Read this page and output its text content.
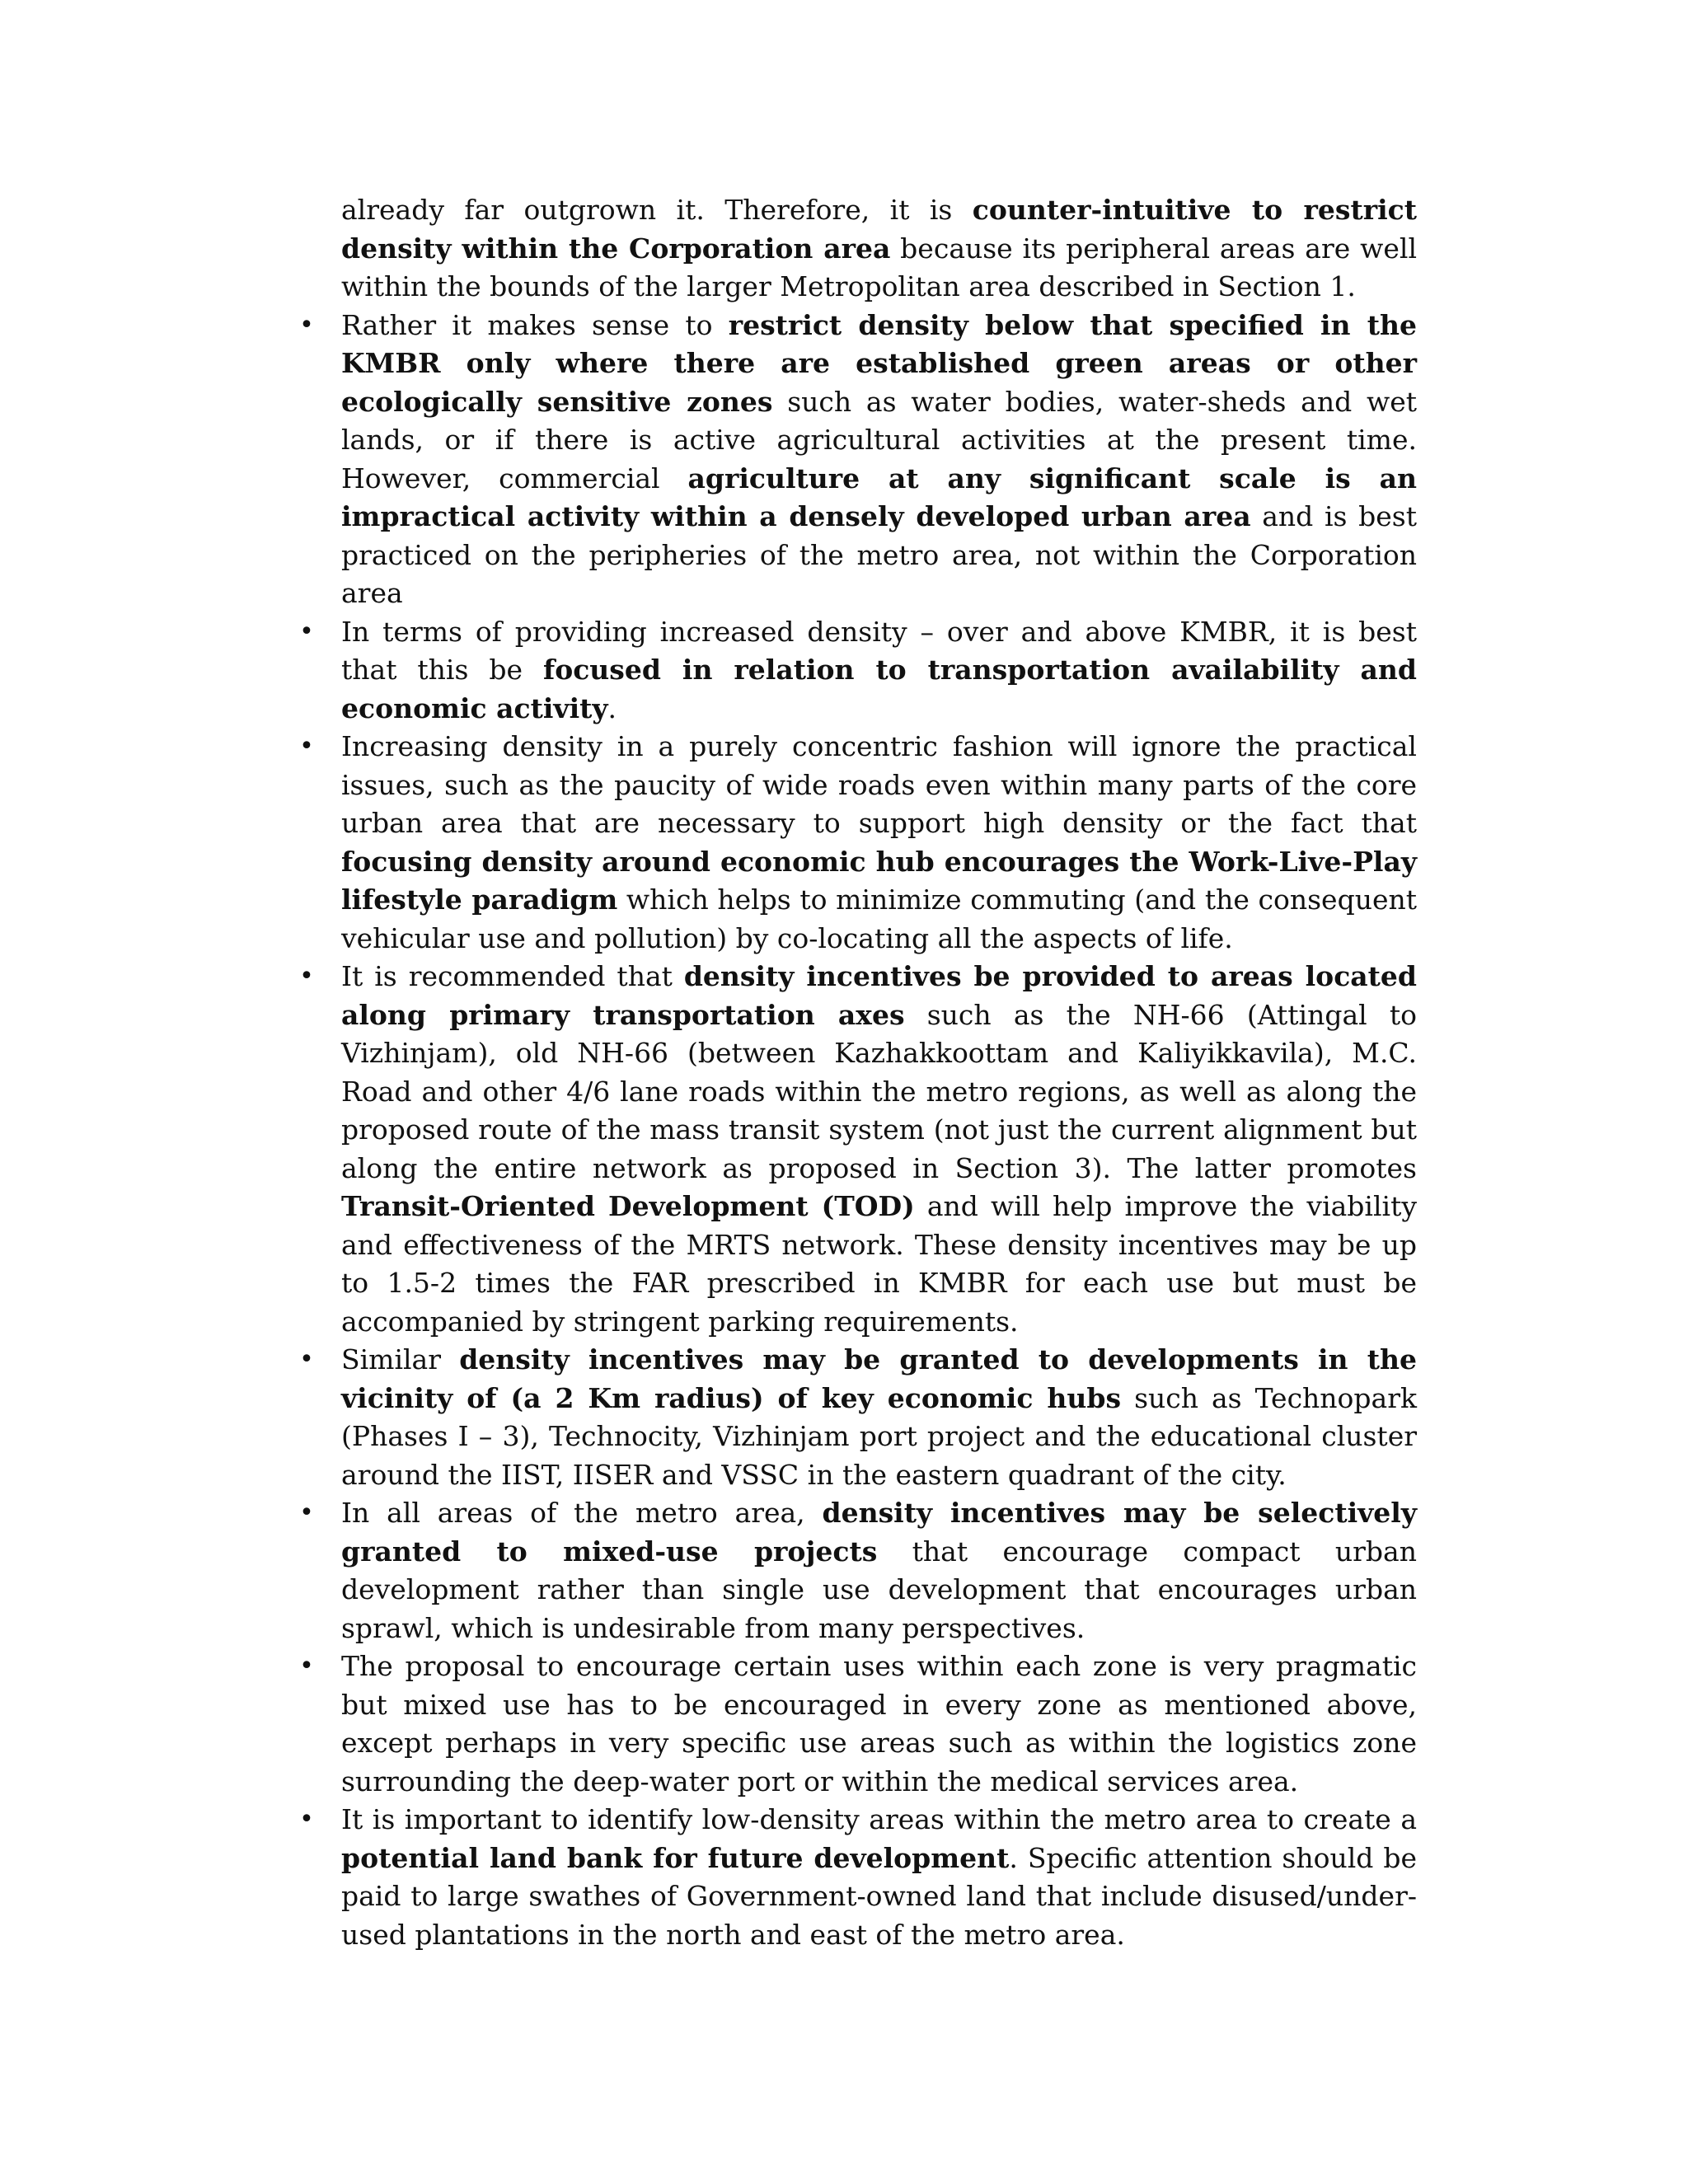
already far outgrown it. Therefore, it is counter-intuitive to restrict density within the Corporation area because its peripheral areas are well within the bounds of the larger Metropolitan area described in Section 1.

• Rather it makes sense to restrict density below that specified in the KMBR only where there are established green areas or other ecologically sensitive zones such as water bodies, water-sheds and wet lands, or if there is active agricultural activities at the present time. However, commercial agriculture at any significant scale is an impractical activity within a densely developed urban area and is best practiced on the peripheries of the metro area, not within the Corporation area
• In terms of providing increased density – over and above KMBR, it is best that this be focused in relation to transportation availability and economic activity.
• Increasing density in a purely concentric fashion will ignore the practical issues, such as the paucity of wide roads even within many parts of the core urban area that are necessary to support high density or the fact that focusing density around economic hub encourages the Work-Live-Play lifestyle paradigm which helps to minimize commuting (and the consequent vehicular use and pollution) by co-locating all the aspects of life.
• It is recommended that density incentives be provided to areas located along primary transportation axes such as the NH-66 (Attingal to Vizhinjam), old NH-66 (between Kazhakkoottam and Kaliyikkavila), M.C. Road and other 4/6 lane roads within the metro regions, as well as along the proposed route of the mass transit system (not just the current alignment but along the entire network as proposed in Section 3). The latter promotes Transit-Oriented Development (TOD) and will help improve the viability and effectiveness of the MRTS network. These density incentives may be up to 1.5-2 times the FAR prescribed in KMBR for each use but must be accompanied by stringent parking requirements.
• Similar density incentives may be granted to developments in the vicinity of (a 2 Km radius) of key economic hubs such as Technopark (Phases I – 3), Technocity, Vizhinjam port project and the educational cluster around the IIST, IISER and VSSC in the eastern quadrant of the city.
• In all areas of the metro area, density incentives may be selectively granted to mixed-use projects that encourage compact urban development rather than single use development that encourages urban sprawl, which is undesirable from many perspectives.
• The proposal to encourage certain uses within each zone is very pragmatic but mixed use has to be encouraged in every zone as mentioned above, except perhaps in very specific use areas such as within the logistics zone surrounding the deep-water port or within the medical services area.
• It is important to identify low-density areas within the metro area to create a potential land bank for future development. Specific attention should be paid to large swathes of Government-owned land that include disused/under-used plantations in the north and east of the metro area.
